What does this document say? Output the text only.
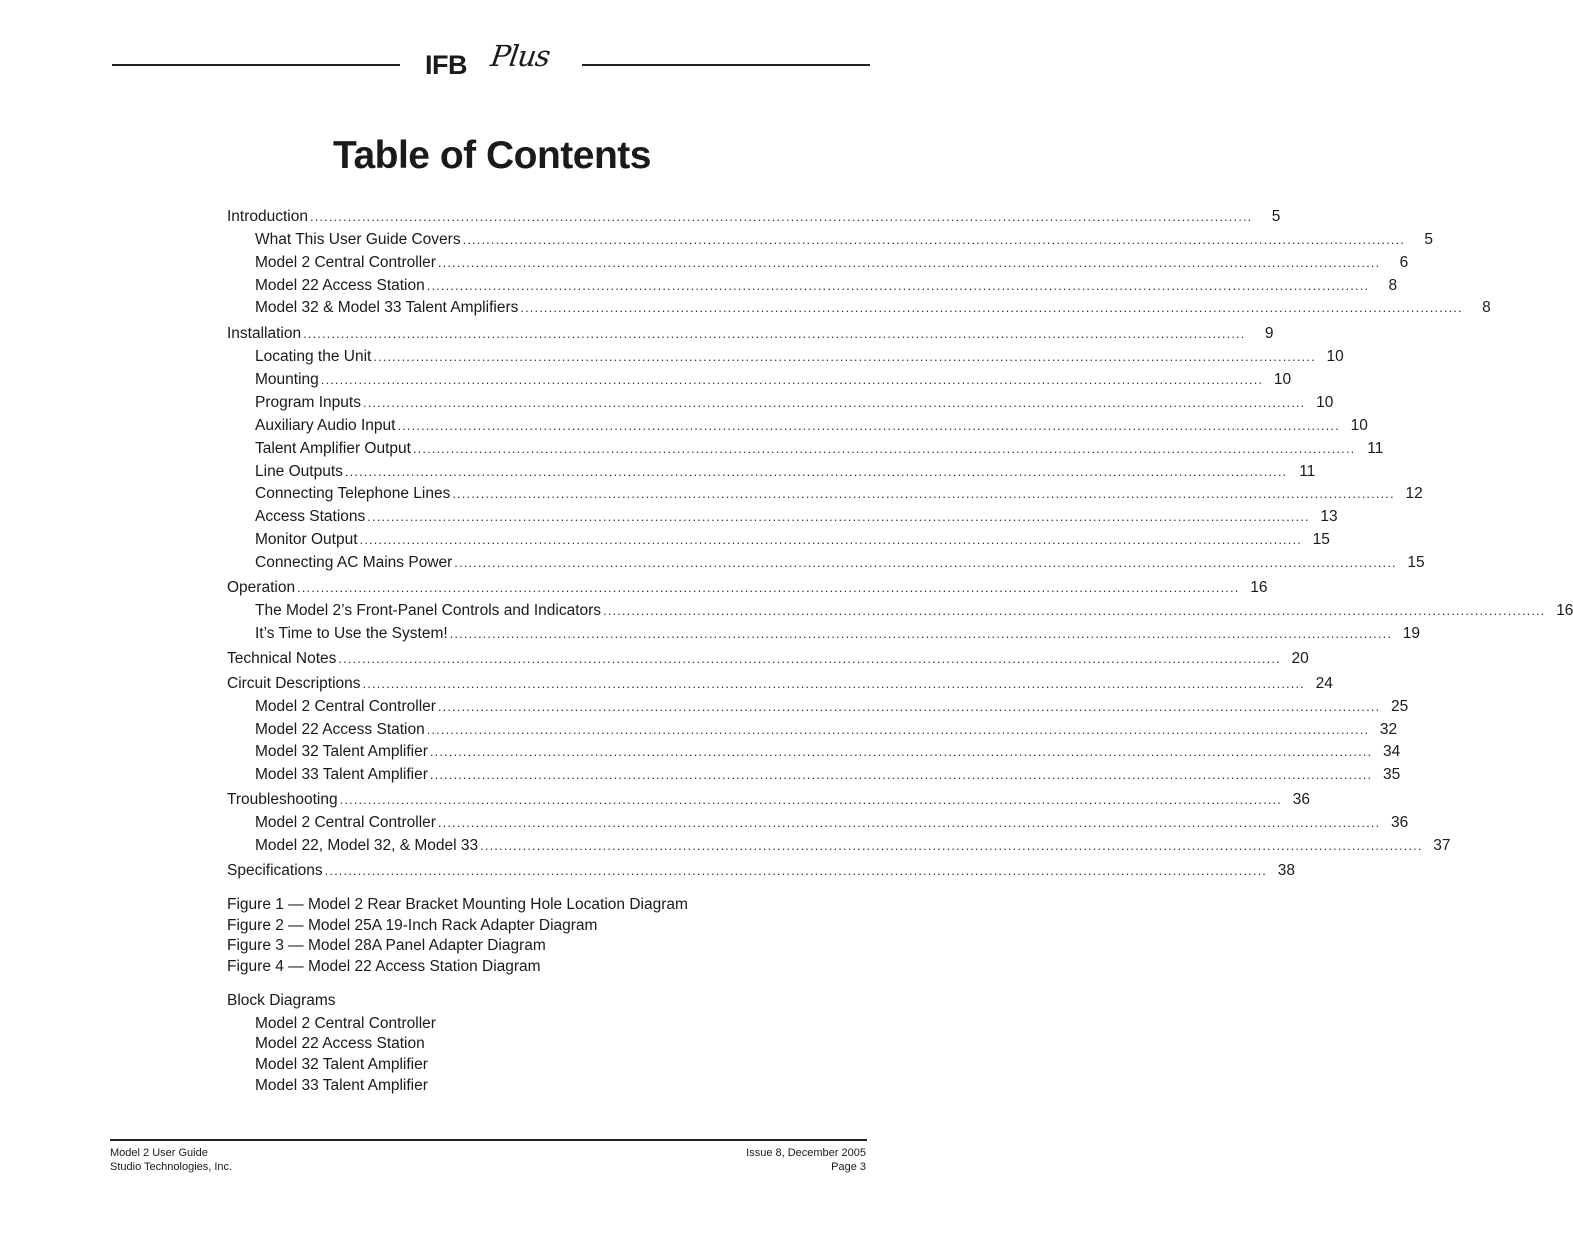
IFB Plus
Table of Contents
Introduction ........................................................................................................................................................................................................	5
What This User Guide Covers ........................................................................................................................................................................................................	5
Model 2 Central Controller ........................................................................................................................................................................................................	6
Model 22 Access Station ........................................................................................................................................................................................................	8
Model 32 & Model 33 Talent Amplifiers ........................................................................................................................................................................................................	8
Installation ........................................................................................................................................................................................................	9
Locating the Unit ........................................................................................................................................................................................................ 10
Mounting ........................................................................................................................................................................................................ 10
Program Inputs ........................................................................................................................................................................................................ 10
Auxiliary Audio Input ........................................................................................................................................................................................................ 10
Talent Amplifier Output ........................................................................................................................................................................................................ 11
Line Outputs ........................................................................................................................................................................................................ 11
Connecting Telephone Lines ........................................................................................................................................................................................................ 12
Access Stations ........................................................................................................................................................................................................ 13
Monitor Output ........................................................................................................................................................................................................ 15
Connecting AC Mains Power ........................................................................................................................................................................................................ 15
Operation ........................................................................................................................................................................................................ 16
The Model 2’s Front-Panel Controls and Indicators ........................................................................................................................................................................................................ 16
It’s Time to Use the System! ........................................................................................................................................................................................................ 19
Technical Notes ........................................................................................................................................................................................................ 20
Circuit Descriptions ........................................................................................................................................................................................................ 24
Model 2 Central Controller ........................................................................................................................................................................................................ 25
Model 22 Access Station ........................................................................................................................................................................................................ 32
Model 32 Talent Amplifier ........................................................................................................................................................................................................ 34
Model 33 Talent Amplifier ........................................................................................................................................................................................................ 35
Troubleshooting ........................................................................................................................................................................................................ 36
Model 2 Central Controller ........................................................................................................................................................................................................ 36
Model 22, Model 32, & Model 33 ........................................................................................................................................................................................................ 37
Specifications ........................................................................................................................................................................................................ 38
Figure 1 — Model 2 Rear Bracket Mounting Hole Location Diagram
Figure 2 — Model 25A 19-Inch Rack Adapter Diagram
Figure 3 — Model 28A Panel Adapter Diagram
Figure 4 — Model 22 Access Station Diagram
Block Diagrams
Model 2 Central Controller
Model 22 Access Station
Model 32 Talent Amplifier
Model 33 Talent Amplifier
Model 2 User Guide
Studio Technologies, Inc.
Issue 8, December 2005
Page 3
